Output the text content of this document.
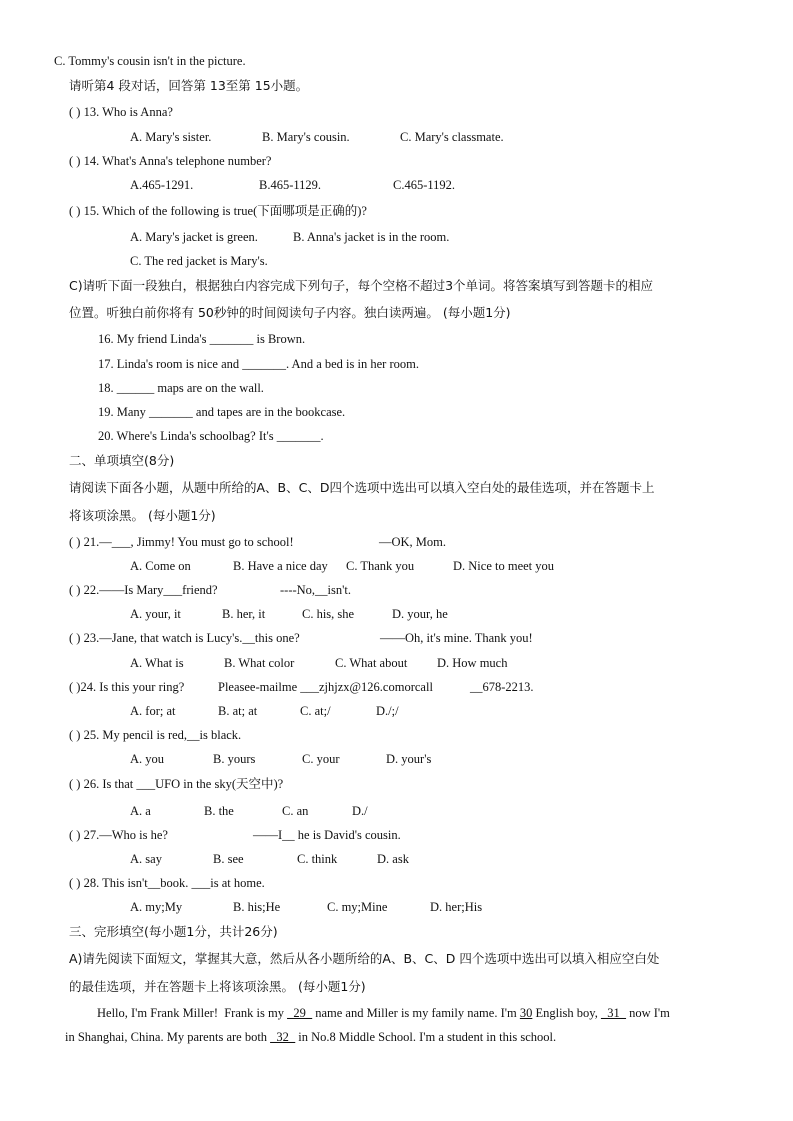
C. Tommy's cousin isn't in the picture.
请听第4 段对话，回答第 13至第 15小题。
( ) 13. Who is Anna?
A. Mary's sister.	B. Mary's cousin.	C. Mary's classmate.
( ) 14. What's Anna's telephone number?
A.465-1291.	B.465-1129.	C.465-1192.
( ) 15. Which of the following is true(下面哪项是正确的)?
A. Mary's jacket is green.	B. Anna's jacket is in the room.
C. The red jacket is Mary's.
C)请听下面一段独白，根据独白内容完成下列句子，每个空格不超过3个单词。将答案填写到答题卡的相应
位置。听独白前你将有 50秒钟的时间阅读句子内容。独白读两遍。 (每小题1分)
16. My friend Linda's _______ is Brown.
17. Linda's room is nice and _______. And a bed is in her room.
18. ______ maps are on the wall.
19. Many _______ and tapes are in the bookcase.
20. Where's Linda's schoolbag? It's _______.
二、单项填空(8分)
请阅读下面各小题，从题中所给的A、B、C、D四个选项中选出可以填入空白处的最佳选项，并在答题卡上
将该项涂黑。 (每小题1分)
( ) 21.—___, Jimmy! You must go to school!	—OK, Mom.
A. Come on	B. Have a nice day C. Thank you	D. Nice to meet you
( ) 22.——Is Mary___friend?	----No,__isn't.
A. your, it	B. her, it	C. his, she	D. your, he
( ) 23.—Jane, that watch is Lucy's.__this one?	——Oh, it's mine. Thank you!
A. What is	B. What color	C. What about D. How much
( )24. Is this your ring?	Pleasee-mailme ___zjhjzx@126.comorcall	__678-2213.
A. for; at	B. at; at	C. at;/	D./;/
( ) 25. My pencil is red,__is black.
A. you	B. yours	C. your	D. your's
( ) 26. Is that ___UFO in the sky(天空中)?
A. a	B. the	C. an	D./
( ) 27.—Who is he?	——I__ he is David's cousin.
A. say	B. see	C. think	D. ask
( ) 28. This isn't__book. ___is at home.
A. my;My	B. his;He	C. my;Mine	D. her;His
三、完形填空(每小题1分，共计26分)
A)请先阅读下面短文，掌握其大意，然后从各小题所给的A、B、C、D 四个选项中选出可以填入相应空白处
的最佳选项，并在答题卡上将该项涂黑。 (每小题1分)
Hello, I'm Frank Miller!  Frank is my _29_ name and Miller is my family name. I'm 30 English boy, _31_ now I'm
in Shanghai, China. My parents are both _32_ in No.8 Middle School. I'm a student in this school.
